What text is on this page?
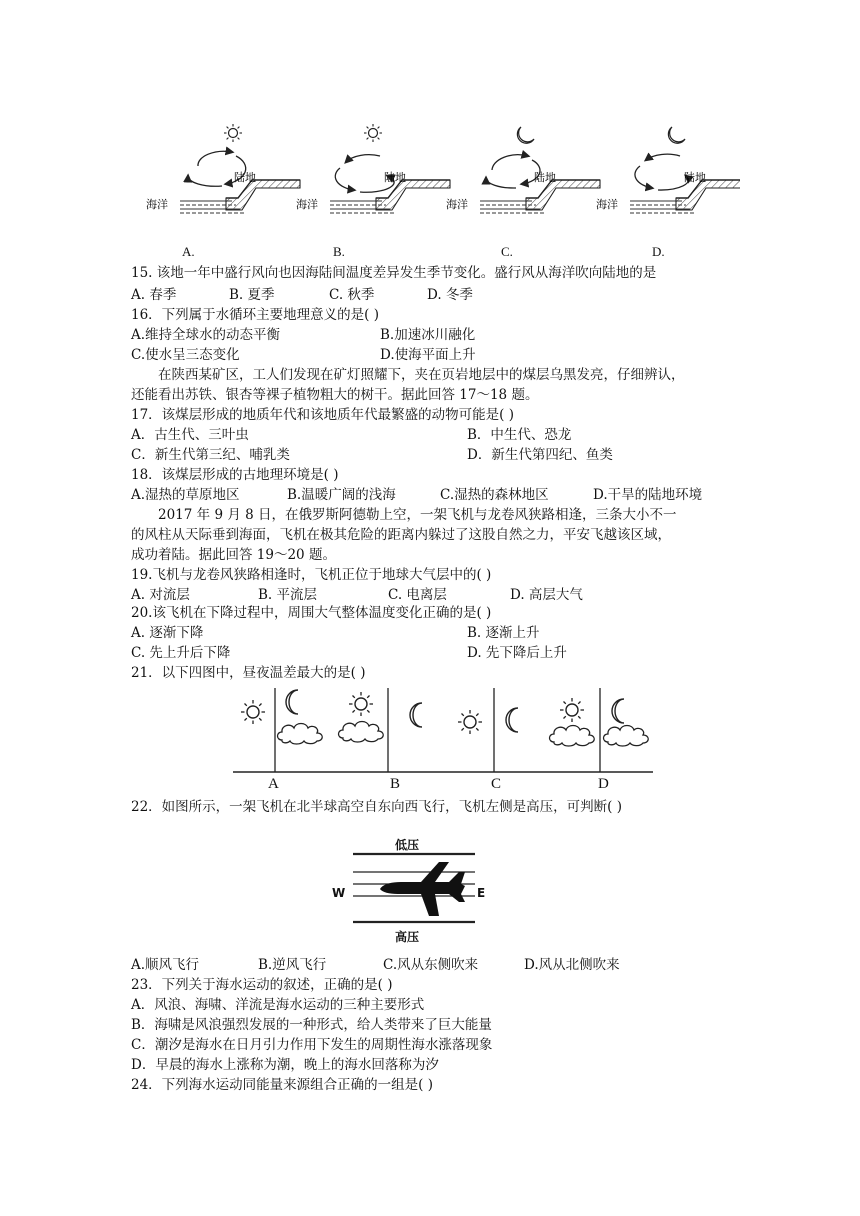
陆地
海洋
陆地
海洋
陆地
海洋
陆地
海洋
A.	B.	C.	D.
15. 该地一年中盛行风向也因海陆间温度差异发生季节变化。盛行风从海洋吹向陆地的是
A. 春季	B. 夏季	C. 秋季	D. 冬季
16．下列属于水循环主要地理意义的是( )
A.维持全球水的动态平衡	B.加速冰川融化
C.使水呈三态变化	D.使海平面上升
在陕西某矿区，工人们发现在矿灯照耀下，夹在页岩地层中的煤层乌黑发亮，仔细辨认，
还能看出苏铁、银杏等裸子植物粗大的树干。据此回答 17～18 题。
17．该煤层形成的地质年代和该地质年代最繁盛的动物可能是( )
A．古生代、三叶虫	B．中生代、恐龙
C．新生代第三纪、哺乳类	D．新生代第四纪、鱼类
18．该煤层形成的古地理环境是( )
A.湿热的草原地区	B.温暖广阔的浅海	C.湿热的森林地区	D.干旱的陆地环境
2017 年 9 月 8 日，在俄罗斯阿德勒上空，一架飞机与龙卷风狭路相逢，三条大小不一
的风柱从天际垂到海面，飞机在极其危险的距离内躲过了这股自然之力，平安飞越该区域，
成功着陆。据此回答 19～20 题。
19.飞机与龙卷风狭路相逢时，飞机正位于地球大气层中的( )
A. 对流层	B. 平流层	C. 电离层	D. 高层大气
20.该飞机在下降过程中，周围大气整体温度变化正确的是( )
A. 逐渐下降	B. 逐渐上升
C. 先上升后下降	D. 先下降后上升
21．以下四图中，昼夜温差最大的是( )
A	B	C	D
22．如图所示，一架飞机在北半球高空自东向西飞行，飞机左侧是高压，可判断( )
低压
高压
W	E
A.顺风飞行	B.逆风飞行	C.风从东侧吹来	D.风从北侧吹来
23．下列关于海水运动的叙述，正确的是( )
A．风浪、海啸、洋流是海水运动的三种主要形式
B．海啸是风浪强烈发展的一种形式，给人类带来了巨大能量
C．潮汐是海水在日月引力作用下发生的周期性海水涨落现象
D．早晨的海水上涨称为潮，晚上的海水回落称为汐
24．下列海水运动同能量来源组合正确的一组是( )
